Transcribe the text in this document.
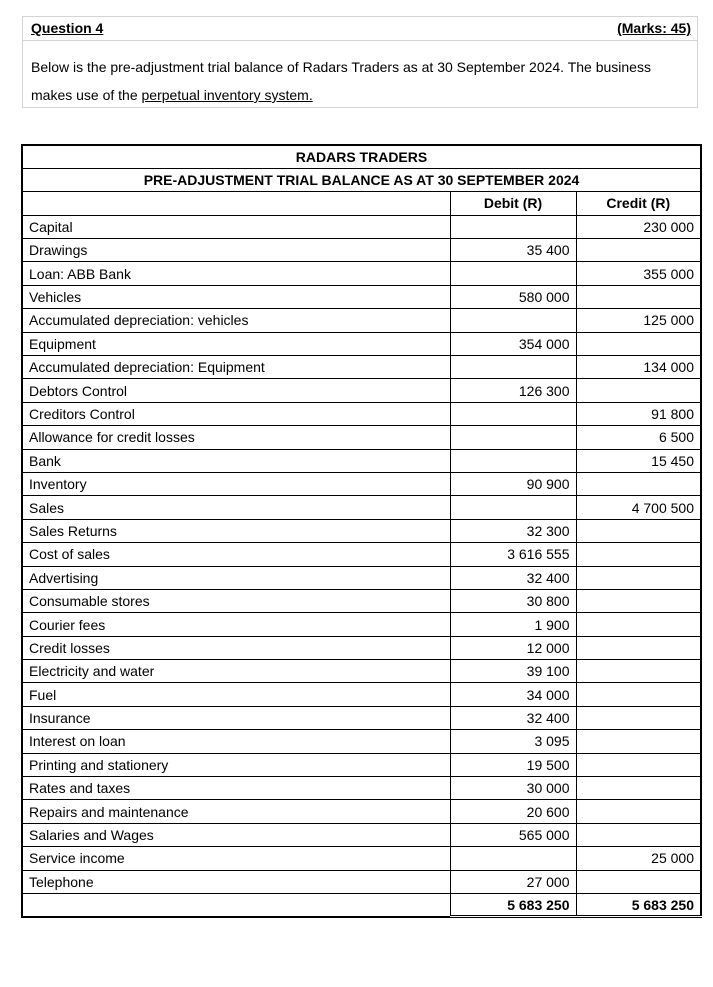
Question 4	(Marks: 45)
Below is the pre-adjustment trial balance of Radars Traders as at 30 September 2024. The business makes use of the perpetual inventory system.
RADARS TRADERS		
PRE-ADJUSTMENT TRIAL BALANCE AS AT 30 SEPTEMBER 2024		
	Debit (R)	Credit (R)
Capital		230 000
Drawings	35 400	
Loan: ABB Bank		355 000
Vehicles	580 000	
Accumulated depreciation: vehicles		125 000
Equipment	354 000	
Accumulated depreciation: Equipment		134 000
Debtors Control	126 300	
Creditors Control		91 800
Allowance for credit losses		6 500
Bank		15 450
Inventory	90 900	
Sales		4 700 500
Sales Returns	32 300	
Cost of sales	3 616 555	
Advertising	32 400	
Consumable stores	30 800	
Courier fees	1 900	
Credit losses	12 000	
Electricity and water	39 100	
Fuel	34 000	
Insurance	32 400	
Interest on loan	3 095	
Printing and stationery	19 500	
Rates and taxes	30 000	
Repairs and maintenance	20 600	
Salaries and Wages	565 000	
Service income		25 000
Telephone	27 000	
	5 683 250	5 683 250
